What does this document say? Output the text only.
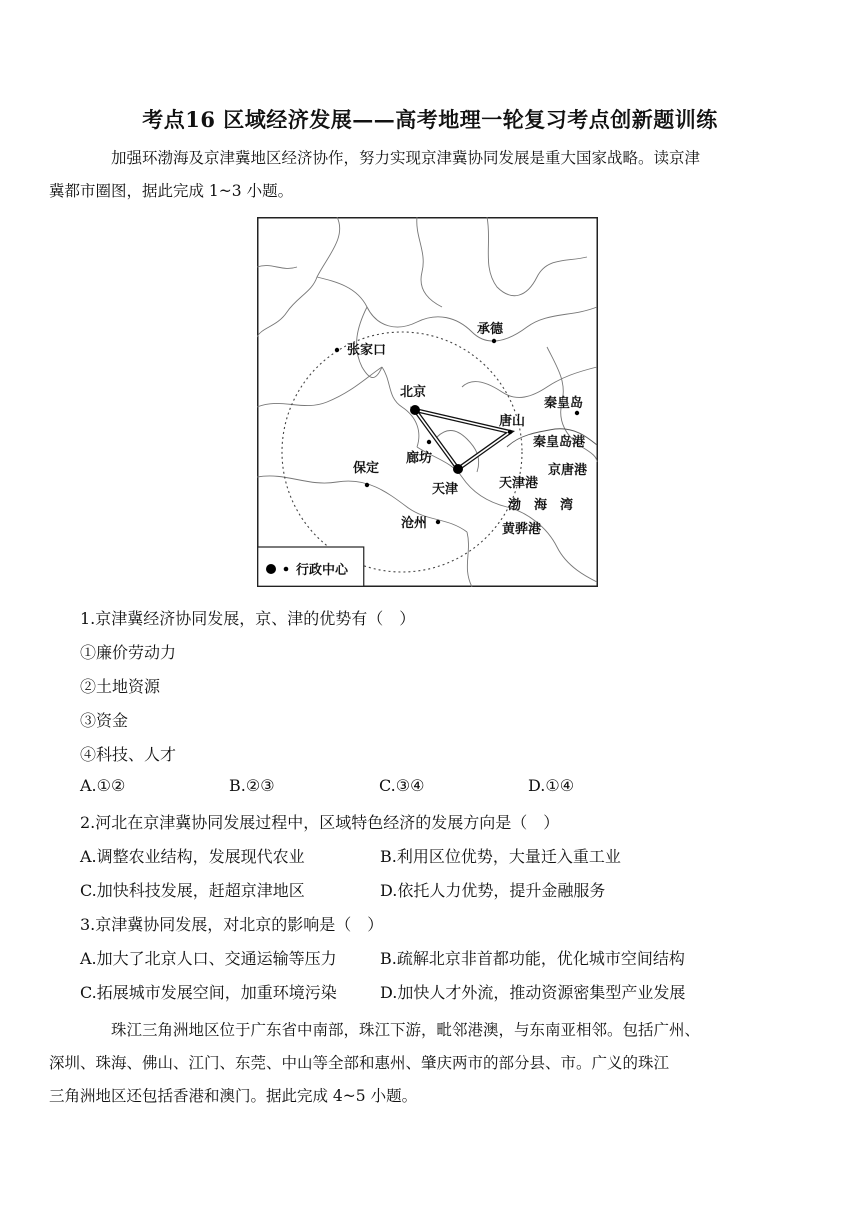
考点16 区域经济发展——高考地理一轮复习考点创新题训练
加强环渤海及京津冀地区经济协作，努力实现京津冀协同发展是重大国家战略。读京津
冀都市圈图，据此完成 1~3 小题。
承德
张家口
北京
唐山
秦皇岛
秦皇岛港
廊坊
保定	京唐港
天津	天津港
渤　海　湾
沧州	黄骅港
行政中心
1.京津冀经济协同发展，京、津的优势有（　）
①廉价劳动力
②土地资源
③资金
④科技、人才
A.①②	B.②③	C.③④	D.①④
2.河北在京津冀协同发展过程中，区域特色经济的发展方向是（　）
A.调整农业结构，发展现代农业	B.利用区位优势，大量迁入重工业
C.加快科技发展，赶超京津地区	D.依托人力优势，提升金融服务
3.京津冀协同发展，对北京的影响是（　）
A.加大了北京人口、交通运输等压力	B.疏解北京非首都功能，优化城市空间结构
C.拓展城市发展空间，加重环境污染	D.加快人才外流，推动资源密集型产业发展
珠江三角洲地区位于广东省中南部，珠江下游，毗邻港澳，与东南亚相邻。包括广州、
深圳、珠海、佛山、江门、东莞、中山等全部和惠州、肇庆两市的部分县、市。广义的珠江
三角洲地区还包括香港和澳门。据此完成 4~5 小题。
